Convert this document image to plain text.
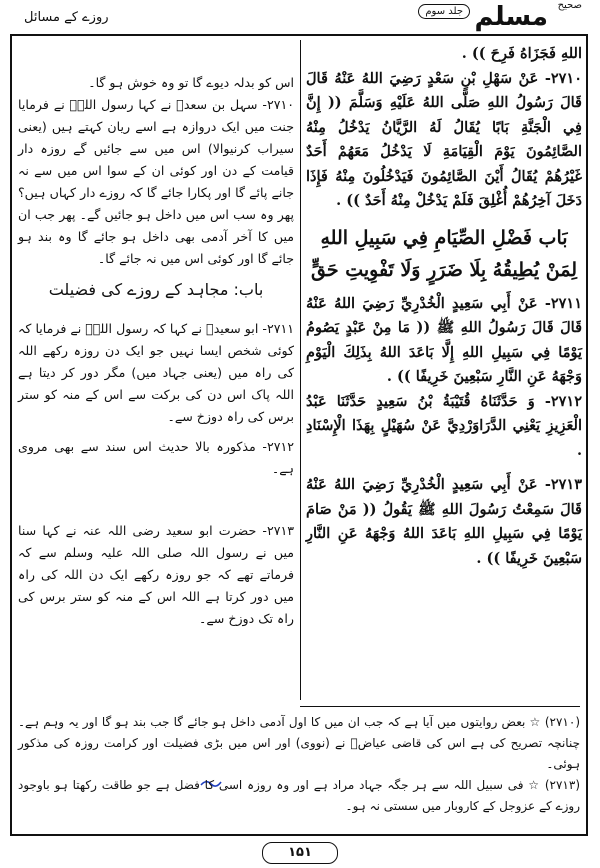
صحیح
مسلم
جلد سوم
روزے کے مسائل
اللهِ فَجَزَاهُ فَرِحَ )) .
٢٧١٠- عَنْ سَهْلِ بْنِ سَعْدٍ رَضِيَ اللهُ عَنْهُ قَالَ قَالَ رَسُولُ اللهِ صَلَّى اللهُ عَلَيْهِ وَسَلَّمَ (( إِنَّ فِي الْجَنَّةِ بَابًا يُقَالُ لَهُ الرَّيَّانُ يَدْخُلُ مِنْهُ الصَّائِمُونَ يَوْمَ الْقِيَامَةِ لَا يَدْخُلُ مَعَهُمْ أَحَدٌ غَيْرُهُمْ يُقَالُ أَيْنَ الصَّائِمُونَ فَيَدْخُلُونَ مِنْهُ فَإِذَا دَخَلَ آخِرُهُمْ أُغْلِقَ فَلَمْ يَدْخُلْ مِنْهُ أَحَدٌ )) .
بَاب فَضْلِ الصِّيَامِ فِي سَبِيلِ اللهِ لِمَنْ يُطِيقُهُ بِلَا ضَرَرٍ وَلَا تَفْوِيتِ حَقٍّ
٢٧١١- عَنْ أَبِي سَعِيدٍ الْخُدْرِيِّ رَضِيَ اللهُ عَنْهُ قَالَ قَالَ رَسُولُ اللهِ ﷺ (( مَا مِنْ عَبْدٍ يَصُومُ يَوْمًا فِي سَبِيلِ اللهِ إِلَّا بَاعَدَ اللهُ بِذَلِكَ الْيَوْمِ وَجْهَهُ عَنِ النَّارِ سَبْعِينَ خَرِيفًا )) .
٢٧١٢- وَ حَدَّثَنَاهُ قُتَيْبَةُ بْنُ سَعِيدٍ حَدَّثَنَا عَبْدُ الْعَزِيزِ يَعْنِي الدَّرَاوَرْدِيَّ عَنْ سُهَيْلٍ بِهَذَا الْإِسْنَادِ .
٢٧١٣- عَنْ أَبِي سَعِيدٍ الْخُدْرِيِّ رَضِيَ اللهُ عَنْهُ قَالَ سَمِعْتُ رَسُولَ اللهِ ﷺ يَقُولُ (( مَنْ صَامَ يَوْمًا فِي سَبِيلِ اللهِ بَاعَدَ اللهُ وَجْهَهُ عَنِ النَّارِ سَبْعِينَ خَرِيفًا )) .
اس کو بدلہ دیوے گا تو وہ خوش ہو گا۔
۲۷۱۰- سہل بن سعدؓ نے کہا رسول اللہؐ نے فرمایا جنت میں ایک دروازہ ہے اسے ریان کہتے ہیں (یعنی سیراب کرنیوالا) اس میں سے جائیں گے روزہ دار قیامت کے دن اور کوئی ان کے سوا اس میں سے نہ جانے پائے گا اور پکارا جائے گا کہ روزے دار کہاں ہیں؟ پھر وہ سب اس میں داخل ہو جائیں گے۔ پھر جب ان میں کا آخر آدمی بھی داخل ہو جائے گا وہ بند ہو جائے گا اور کوئی اس میں نہ جائے گا۔
باب: مجاہد کے روزے کی فضیلت
۲۷۱۱- ابو سعیدؓ نے کہا کہ رسول اللہؐ نے فرمایا کہ کوئی شخص ایسا نہیں جو ایک دن روزہ رکھے اللہ کی راہ میں (یعنی جہاد میں) مگر دور کر دیتا ہے اللہ پاک اس دن کی برکت سے اس کے منہ کو ستر برس کی راہ دوزخ سے۔
۲۷۱۲- مذکورہ بالا حدیث اس سند سے بھی مروی ہے۔
۲۷۱۳- حضرت ابو سعید رضی اللہ عنہ نے کہا سنا میں نے رسول اللہ صلی اللہ علیہ وسلم سے کہ فرماتے تھے کہ جو روزہ رکھے ایک دن اللہ کی راہ میں دور کرتا ہے اللہ اس کے منہ کو ستر برس کی راہ تک دوزخ سے۔
(۲۷۱۰) ☆ بعض روایتوں میں آیا ہے کہ جب ان میں کا اول آدمی داخل ہو جائے گا جب بند ہو گا اور یہ وہم ہے۔ چنانچہ تصریح کی ہے اس کی قاضی عیاضؒ نے (نووی) اور اس میں بڑی فضیلت اور کرامت روزہ کی مذکور ہوئی۔
(۲۷۱۳) ☆ فی سبیل اللہ سے ہر جگہ جہاد مراد ہے اور وہ روزہ اسی کا فضل ہے جو طاقت رکھتا ہو باوجود روزے کے عزوجل کے کاروبار میں سستی نہ ہو۔
۱۵۱
